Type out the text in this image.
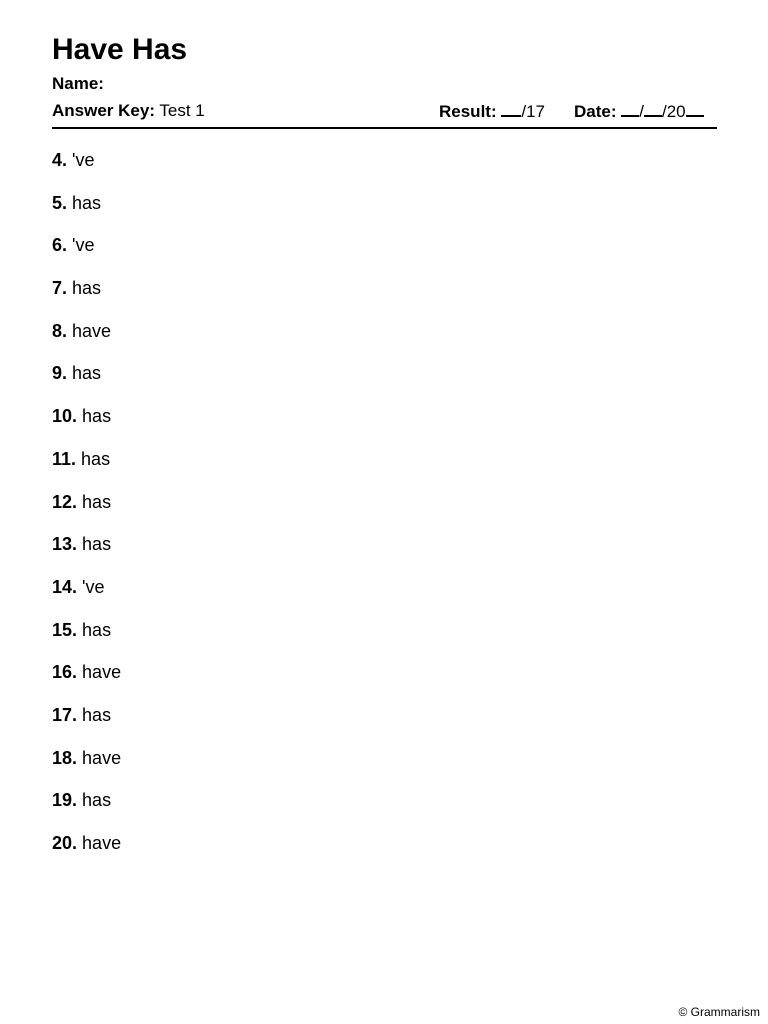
Have Has
Name:
Answer Key: Test 1	Result: /17 Date: / /20
4. 've
5. has
6. 've
7. has
8. have
9. has
10. has
11. has
12. has
13. has
14. 've
15. has
16. have
17. has
18. have
19. has
20. have
© Grammarism
